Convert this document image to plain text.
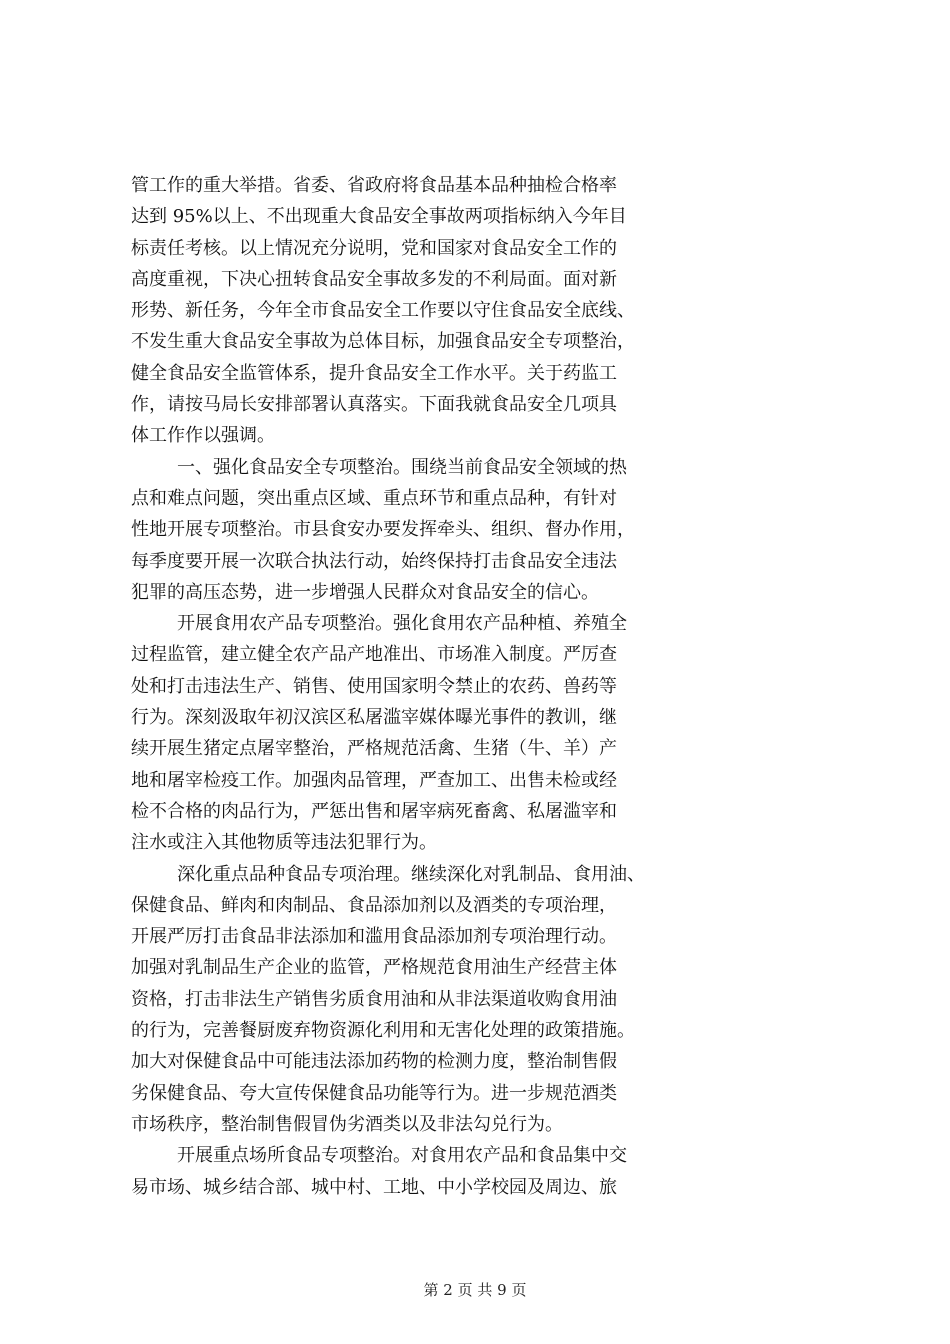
管工作的重大举措。省委、省政府将食品基本品种抽检合格率
达到 95%以上、不出现重大食品安全事故两项指标纳入今年目
标责任考核。以上情况充分说明，党和国家对食品安全工作的
高度重视，下决心扭转食品安全事故多发的不利局面。面对新
形势、新任务，今年全市食品安全工作要以守住食品安全底线、
不发生重大食品安全事故为总体目标，加强食品安全专项整治，
健全食品安全监管体系，提升食品安全工作水平。关于药监工
作，请按马局长安排部署认真落实。下面我就食品安全几项具
体工作作以强调。
一、强化食品安全专项整治。围绕当前食品安全领域的热
点和难点问题，突出重点区域、重点环节和重点品种，有针对
性地开展专项整治。市县食安办要发挥牵头、组织、督办作用，
每季度要开展一次联合执法行动，始终保持打击食品安全违法
犯罪的高压态势，进一步增强人民群众对食品安全的信心。
开展食用农产品专项整治。强化食用农产品种植、养殖全
过程监管，建立健全农产品产地准出、市场准入制度。严厉查
处和打击违法生产、销售、使用国家明令禁止的农药、兽药等
行为。深刻汲取年初汉滨区私屠滥宰媒体曝光事件的教训，继
续开展生猪定点屠宰整治，严格规范活禽、生猪（牛、羊）产
地和屠宰检疫工作。加强肉品管理，严查加工、出售未检或经
检不合格的肉品行为，严惩出售和屠宰病死畜禽、私屠滥宰和
注水或注入其他物质等违法犯罪行为。
深化重点品种食品专项治理。继续深化对乳制品、食用油、
保健食品、鲜肉和肉制品、食品添加剂以及酒类的专项治理，
开展严厉打击食品非法添加和滥用食品添加剂专项治理行动。
加强对乳制品生产企业的监管，严格规范食用油生产经营主体
资格，打击非法生产销售劣质食用油和从非法渠道收购食用油
的行为，完善餐厨废弃物资源化利用和无害化处理的政策措施。
加大对保健食品中可能违法添加药物的检测力度，整治制售假
劣保健食品、夸大宣传保健食品功能等行为。进一步规范酒类
市场秩序，整治制售假冒伪劣酒类以及非法勾兑行为。
开展重点场所食品专项整治。对食用农产品和食品集中交
易市场、城乡结合部、城中村、工地、中小学校园及周边、旅
第 2 页 共 9 页
